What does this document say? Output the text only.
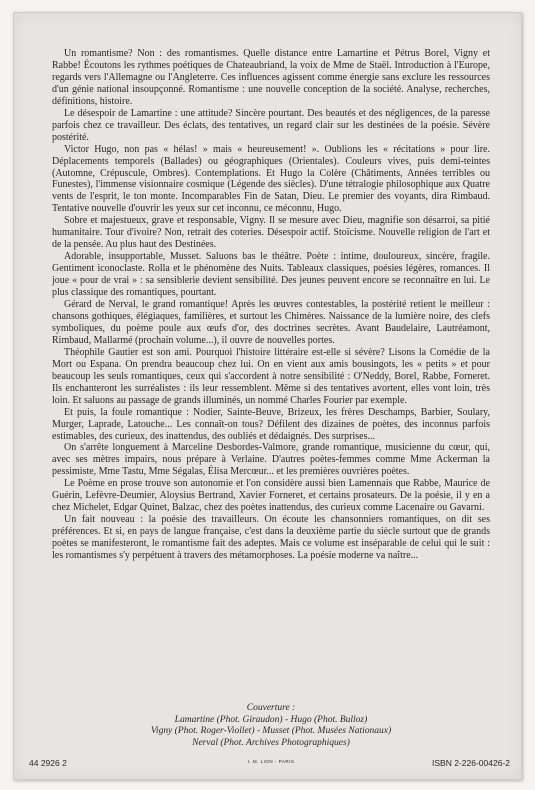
Un romantisme? Non : des romantismes. Quelle distance entre Lamartine et Pétrus Borel, Vigny et Rabbe! Écoutons les rythmes poétiques de Chateaubriand, la voix de Mme de Staël. Introduction à l'Europe, regards vers l'Allemagne ou l'Angleterre. Ces influences agissent comme énergie sans exclure les ressources d'un génie national insoupçonné. Romantisme : une nouvelle conception de la société. Analyse, recherches, définitions, histoire.

Le désespoir de Lamartine : une attitude? Sincère pourtant. Des beautés et des négligences, de la paresse parfois chez ce travailleur. Des éclats, des tentatives, un regard clair sur les destinées de la poésie. Sévère postérité.

Victor Hugo, non pas « hélas! » mais « heureusement! ». Oublions les « récitations » pour lire. Déplacements temporels (Ballades) ou géographiques (Orientales). Couleurs vives, puis demi-teintes (Automne, Crépuscule, Ombres). Contemplations. Et Hugo la Colère (Châtiments, Années terribles ou Funestes), l'immense visionnaire cosmique (Légende des siècles). D'une tétralogie philosophique aux Quatre vents de l'esprit, le ton monte. Incomparables Fin de Satan, Dieu. Le premier des voyants, dira Rimbaud. Tentative nouvelle d'ouvrir les yeux sur cet inconnu, ce méconnu, Hugo.

Sobre et majestueux, grave et responsable, Vigny. Il se mesure avec Dieu, magnifie son désarroi, sa pitié humanitaire. Tour d'ivoire? Non, retrait des coteries. Désespoir actif. Stoïcisme. Nouvelle religion de l'art et de la pensée. Au plus haut des Destinées.

Adorable, insupportable, Musset. Saluons bas le théâtre. Poète : intime, douloureux, sincère, fragile. Gentiment iconoclaste. Rolla et le phénomène des Nuits. Tableaux classiques, poésies légères, romances. Il joue « pour de vrai » : sa sensiblerie devient sensibilité. Des jeunes peuvent encore se reconnaître en lui. Le plus classique des romantiques, pourtant.

Gérard de Nerval, le grand romantique! Après les œuvres contestables, la postérité retient le meilleur : chansons gothiques, élégiaques, familières, et surtout les Chimères. Naissance de la lumière noire, des clefs symboliques, du poème poule aux œufs d'or, des doctrines secrètes. Avant Baudelaire, Lautréamont, Rimbaud, Mallarmé (prochain volume...), il ouvre de nouvelles portes.

Théophile Gautier est son ami. Pourquoi l'histoire littéraire est-elle si sévère? Lisons la Comédie de la Mort ou Espana. On prendra beaucoup chez lui. On en vient aux amis bousingots, les « petits » et pour beaucoup les seuls romantiques, ceux qui s'accordent à notre sensibilité : O'Neddy, Borel, Rabbe, Forneret. Ils enchanteront les surréalistes : ils leur ressemblent. Même si des tentatives avortent, elles vont loin, très loin. Et saluons au passage de grands illuminés, un nommé Charles Fourier par exemple.

Et puis, la foule romantique : Nodier, Sainte-Beuve, Brizeux, les frères Deschamps, Barbier, Soulary, Murger, Laprade, Latouche... Les connaît-on tous? Défilent des dizaines de poètes, des inconnus parfois estimables, des curieux, des inattendus, des oubliés et dédaignés. Des surprises...

On s'arrête longuement à Marceline Desbordes-Valmore, grande romantique, musicienne du cœur, qui, avec ses mètres impairs, nous prépare à Verlaine. D'autres poètes-femmes comme Mme Ackerman la pessimiste, Mme Tastu, Mme Ségalas, Élisa Mercœur... et les premières ouvrières poètes.

Le Poème en prose trouve son autonomie et l'on considère aussi bien Lamennais que Rabbe, Maurice de Guérin, Lefèvre-Deumier, Aloysius Bertrand, Xavier Forneret, et certains prosateurs. De la poésie, il y en a chez Michelet, Edgar Quinet, Balzac, chez des poètes inattendus, des curieux comme Lacenaire ou Gavarni.

Un fait nouveau : la poésie des travailleurs. On écoute les chansonniers romantiques, on dit ses préférences. Et si, en pays de langue française, c'est dans la deuxième partie du siècle surtout que de grands poètes se manifesteront, le romantisme fait des adeptes. Mais ce volume est inséparable de celui qui le suit : les romantismes s'y perpétuent à travers des métamorphoses. La poésie moderne va naître...

Couverture :
Lamartine (Phot. Giraudon) - Hugo (Phot. Bulloz)
Vigny (Phot. Roger-Viollet) - Musset (Phot. Musées Nationaux)
Nerval (Phot. Archives Photographiques)
44 2926 2	I. M. LION - PARIS	ISBN 2-226-00426-2
